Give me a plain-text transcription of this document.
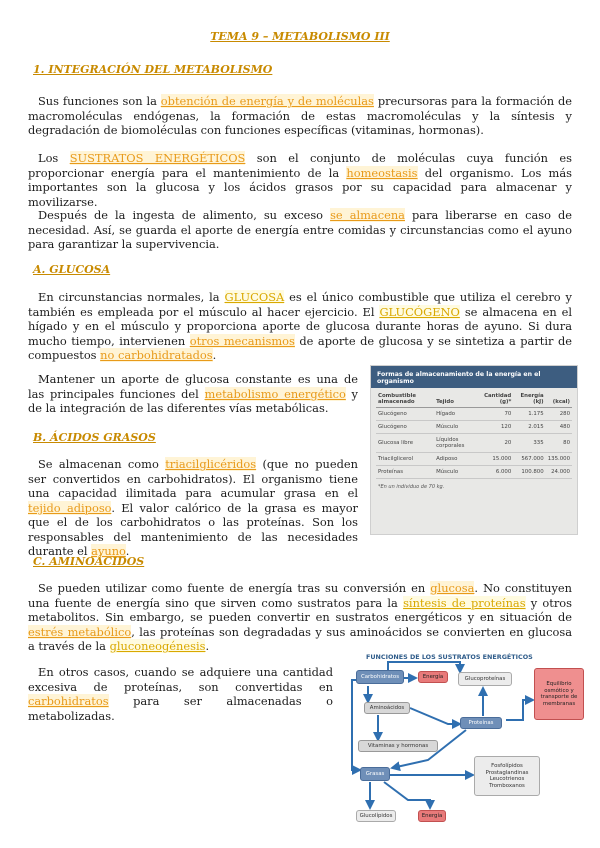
TEMA 9 – METABOLISMO III
1. INTEGRACIÓN DEL METABOLISMO

Sus funciones son la obtención de energía y de moléculas precursoras para la formación de macromoléculas endógenas, la formación de estas macromoléculas y la síntesis y degradación de biomoléculas con funciones específicas (vitaminas, hormonas).

Los SUSTRATOS ENERGÉTICOS son el conjunto de moléculas cuya función es proporcionar energía para el mantenimiento de la homeostasis del organismo. Los más importantes son la glucosa y los ácidos grasos por su capacidad para almacenar y movilizarse.

Después de la ingesta de alimento, su exceso se almacena para liberarse en caso de necesidad. Así, se guarda el aporte de energía entre comidas y circunstancias como el ayuno para garantizar la supervivencia.

A. GLUCOSA

En circunstancias normales, la GLUCOSA es el único combustible que utiliza el cerebro y también es empleada por el músculo al hacer ejercicio. El GLUCÓGENO se almacena en el hígado y en el músculo y proporciona aporte de glucosa durante horas de ayuno. Si dura mucho tiempo, intervienen otros mecanismos de aporte de glucosa y se sintetiza a partir de compuestos no carbohidratados.

Mantener un aporte de glucosa constante es una de las principales funciones del metabolismo energético y de la integración de las diferentes vías metabólicas.

B. ÁCIDOS GRASOS

Se almacenan como triacilglicéridos (que no pueden ser convertidos en carbohidratos). El organismo tiene una capacidad ilimitada para acumular grasa en el tejido adiposo. El valor calórico de la grasa es mayor que el de los carbohidratos o las proteínas. Son los responsables del mantenimiento de las necesidades durante el ayuno.

Formas de almacenamiento de la energía en el organismo
Combustible almacenado	Tejido	Cantidad (g)*	Energía (kJ)	(kcal)
Glucógeno	Hígado	70	1.175	280
Glucógeno	Músculo	120	2.015	480
Glucosa libre	Líquidos corporales	20	335	80
Triacilglicerol	Adiposo	15.000	567.000	135.000
Proteínas	Músculo	6.000	100.800	24.000
*En un individuo de 70 kg.
C. AMINOÁCIDOS

Se pueden utilizar como fuente de energía tras su conversión en glucosa. No constituyen una fuente de energía sino que sirven como sustratos para la síntesis de proteínas y otros metabolitos. Sin embargo, se pueden convertir en sustratos energéticos y en situación de estrés metabólico, las proteínas son degradadas y sus aminoácidos se convierten en glucosa a través de la gluconeogénesis.

En otros casos, cuando se adquiere una cantidad excesiva de proteínas, son convertidas en carbohidratos para ser almacenadas o metabolizadas.

FUNCIONES DE LOS SUSTRATOS ENERGÉTICOS
Carbohidratos	Energía	Glucoproteínas
Equilibrio osmótico y transporte de membranas
Aminoácidos
Proteínas
Vitaminas y hormonas
Grasas
Fosfolípidos Prostaglandinas Leucotrienos Tromboxanos
Glucolípidos	Energía
